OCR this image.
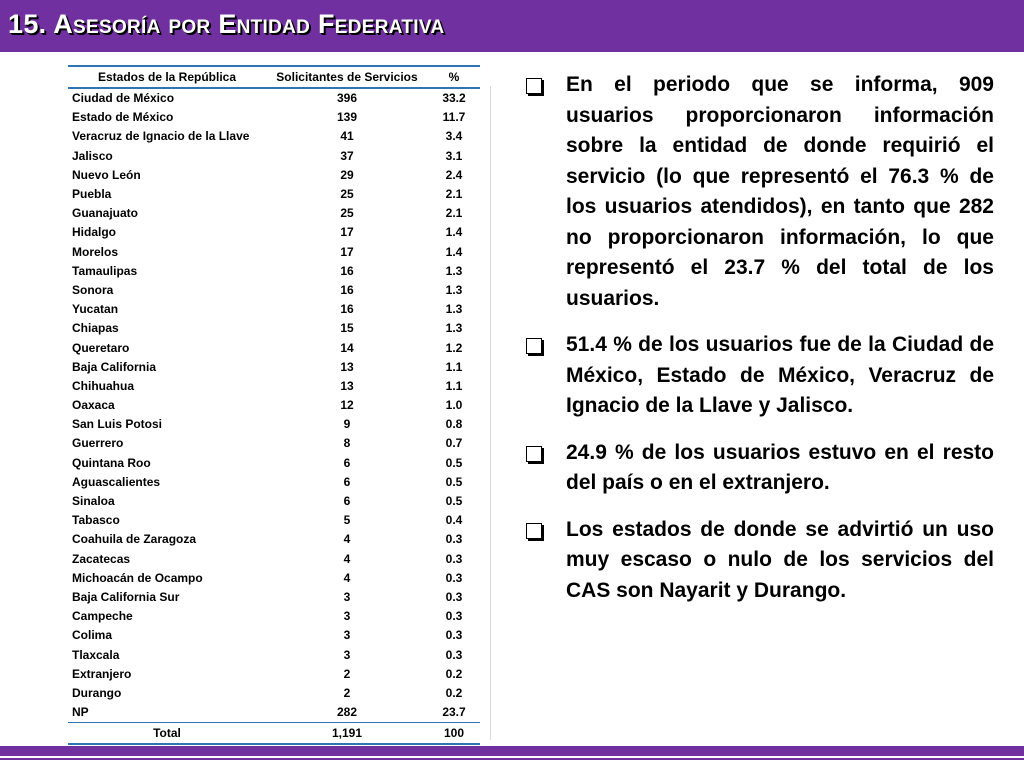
15. Asesoría por Entidad Federativa
Estados de la República	Solicitantes de Servicios	%
Ciudad de México	396	33.2
Estado de México	139	11.7
Veracruz de Ignacio de la Llave	41	3.4
Jalisco	37	3.1
Nuevo León	29	2.4
Puebla	25	2.1
Guanajuato	25	2.1
Hidalgo	17	1.4
Morelos	17	1.4
Tamaulipas	16	1.3
Sonora	16	1.3
Yucatan	16	1.3
Chiapas	15	1.3
Queretaro	14	1.2
Baja California	13	1.1
Chihuahua	13	1.1
Oaxaca	12	1.0
San Luis Potosi	9	0.8
Guerrero	8	0.7
Quintana Roo	6	0.5
Aguascalientes	6	0.5
Sinaloa	6	0.5
Tabasco	5	0.4
Coahuila de Zaragoza	4	0.3
Zacatecas	4	0.3
Michoacán de Ocampo	4	0.3
Baja California Sur	3	0.3
Campeche	3	0.3
Colima	3	0.3
Tlaxcala	3	0.3
Extranjero	2	0.2
Durango	2	0.2
NP	282	23.7
Total	1,191	100
En el periodo que se informa, 909 usuarios proporcionaron información sobre la entidad de donde requirió el servicio (lo que representó el 76.3 % de los usuarios atendidos), en tanto que 282 no proporcionaron información, lo que representó el 23.7 % del total de los usuarios.
51.4 % de los usuarios fue de la Ciudad de México, Estado de México, Veracruz de Ignacio de la Llave y Jalisco.
24.9 % de los usuarios estuvo en el resto del país o en el extranjero.
Los estados de donde se advirtió un uso muy escaso o nulo de los servicios del CAS son Nayarit y Durango.
